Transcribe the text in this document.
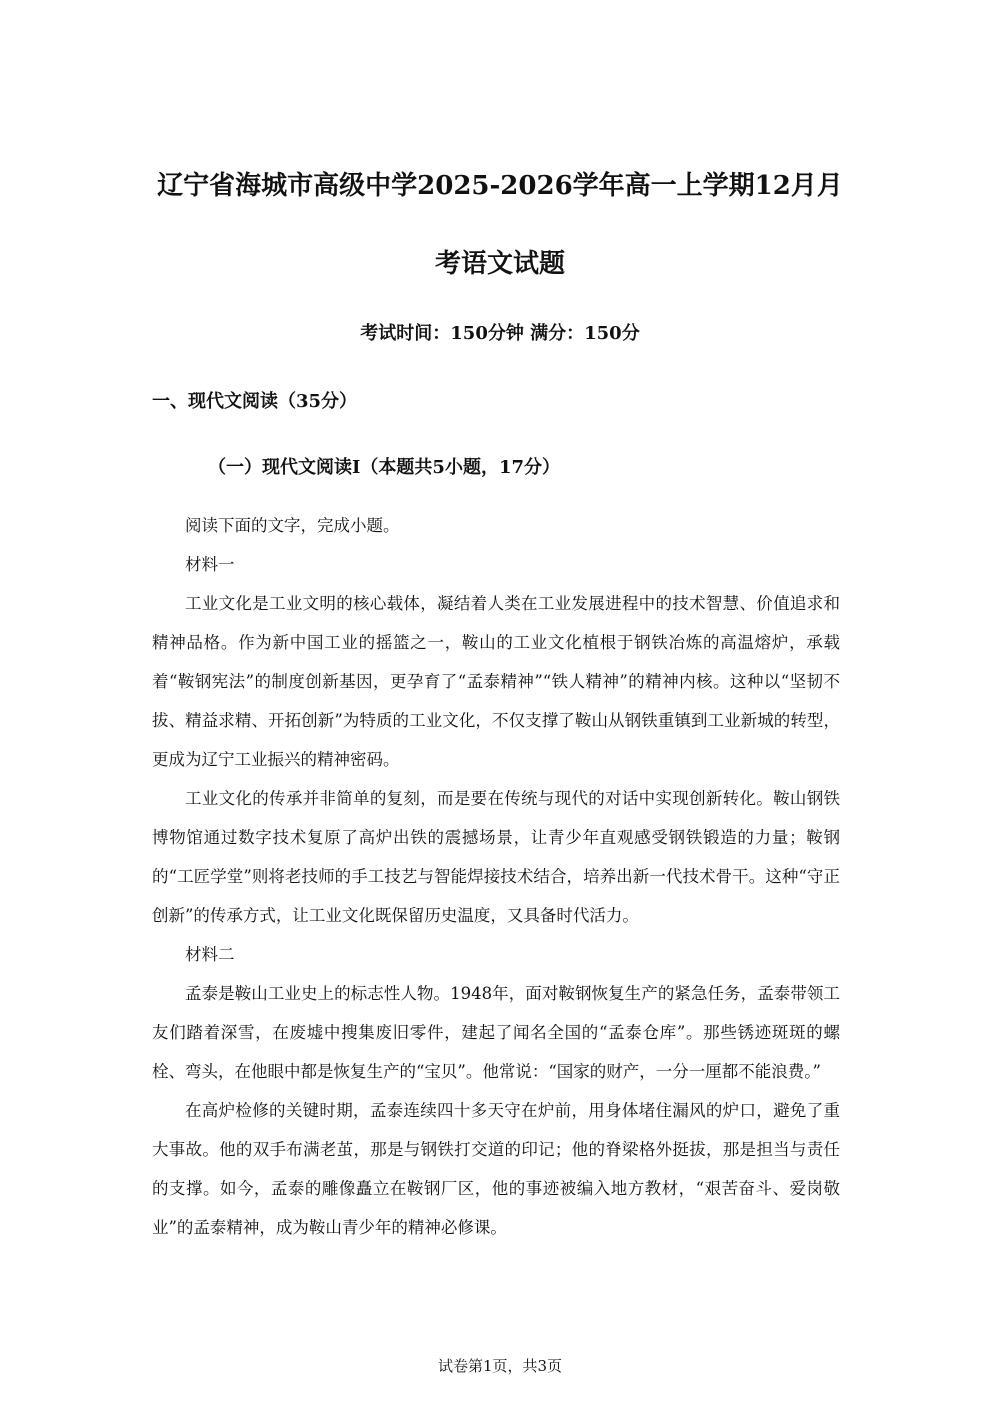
辽宁省海城市高级中学2025-2026学年高一上学期12月月
考语文试题
考试时间：150分钟 满分：150分
一、现代文阅读（35分）
（一）现代文阅读Ⅰ（本题共5小题，17分）

阅读下面的文字，完成小题。

材料一

工业文化是工业文明的核心载体，凝结着人类在工业发展进程中的技术智慧、价值追求和精神品格。作为新中国工业的摇篮之一，鞍山的工业文化植根于钢铁冶炼的高温熔炉，承载着“鞍钢宪法”的制度创新基因，更孕育了“孟泰精神”“铁人精神”的精神内核。这种以“坚韧不拔、精益求精、开拓创新”为特质的工业文化，不仅支撑了鞍山从钢铁重镇到工业新城的转型，更成为辽宁工业振兴的精神密码。

工业文化的传承并非简单的复刻，而是要在传统与现代的对话中实现创新转化。鞍山钢铁博物馆通过数字技术复原了高炉出铁的震撼场景，让青少年直观感受钢铁锻造的力量；鞍钢的“工匠学堂”则将老技师的手工技艺与智能焊接技术结合，培养出新一代技术骨干。这种“守正创新”的传承方式，让工业文化既保留历史温度，又具备时代活力。

材料二

孟泰是鞍山工业史上的标志性人物。1948年，面对鞍钢恢复生产的紧急任务，孟泰带领工友们踏着深雪，在废墟中搜集废旧零件，建起了闻名全国的“孟泰仓库”。那些锈迹斑斑的螺栓、弯头，在他眼中都是恢复生产的“宝贝”。他常说：“国家的财产，一分一厘都不能浪费。”

在高炉检修的关键时期，孟泰连续四十多天守在炉前，用身体堵住漏风的炉口，避免了重大事故。他的双手布满老茧，那是与钢铁打交道的印记；他的脊梁格外挺拔，那是担当与责任的支撑。如今，孟泰的雕像矗立在鞍钢厂区，他的事迹被编入地方教材，“艰苦奋斗、爱岗敬业”的孟泰精神，成为鞍山青少年的精神必修课。

试卷第1页，共3页
